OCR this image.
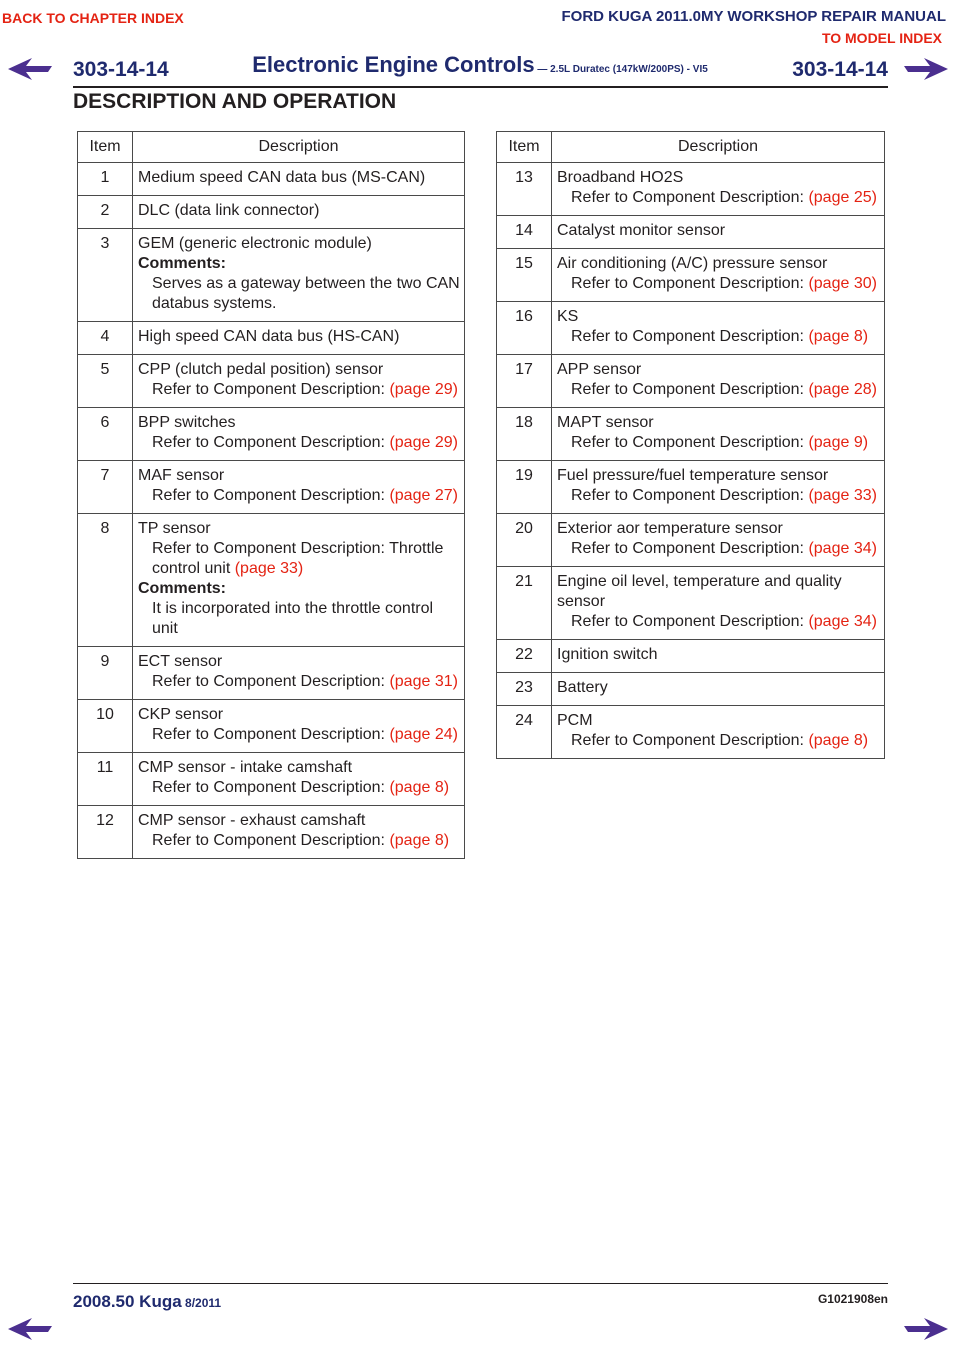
BACK TO CHAPTER INDEX	FORD KUGA 2011.0MY WORKSHOP REPAIR MANUAL
TO MODEL INDEX
303-14-14	Electronic Engine Controls — 2.5L Duratec (147kW/200PS) - VI5	303-14-14
DESCRIPTION AND OPERATION
Item	Description
1	Medium speed CAN data bus (MS-CAN)

2	DLC (data link connector)

3	GEM (generic electronic module)
Comments:
Serves as a gateway between the two CAN databus systems.

4	High speed CAN data bus (HS-CAN)

5	CPP (clutch pedal position) sensor
Refer to Component Description: (page 29)

6	BPP switches
Refer to Component Description: (page 29)

7	MAF sensor
Refer to Component Description: (page 27)

8	TP sensor
Refer to Component Description: Throttle control unit (page 33)
Comments:
It is incorporated into the throttle control unit

9	ECT sensor
Refer to Component Description: (page 31)

10	CKP sensor
Refer to Component Description: (page 24)

11	CMP sensor - intake camshaft
Refer to Component Description: (page 8)

12	CMP sensor - exhaust camshaft
Refer to Component Description: (page 8)
Item	Description
13	Broadband HO2S
Refer to Component Description: (page 25)

14	Catalyst monitor sensor

15	Air conditioning (A/C) pressure sensor
Refer to Component Description: (page 30)

16	KS
Refer to Component Description: (page 8)

17	APP sensor
Refer to Component Description: (page 28)

18	MAPT sensor
Refer to Component Description: (page 9)

19	Fuel pressure/fuel temperature sensor
Refer to Component Description: (page 33)

20	Exterior aor temperature sensor
Refer to Component Description: (page 34)

21	Engine oil level, temperature and quality sensor
Refer to Component Description: (page 34)

22	Ignition switch

23	Battery

24	PCM
Refer to Component Description: (page 8)
2008.50 Kuga 8/2011	G1021908en
